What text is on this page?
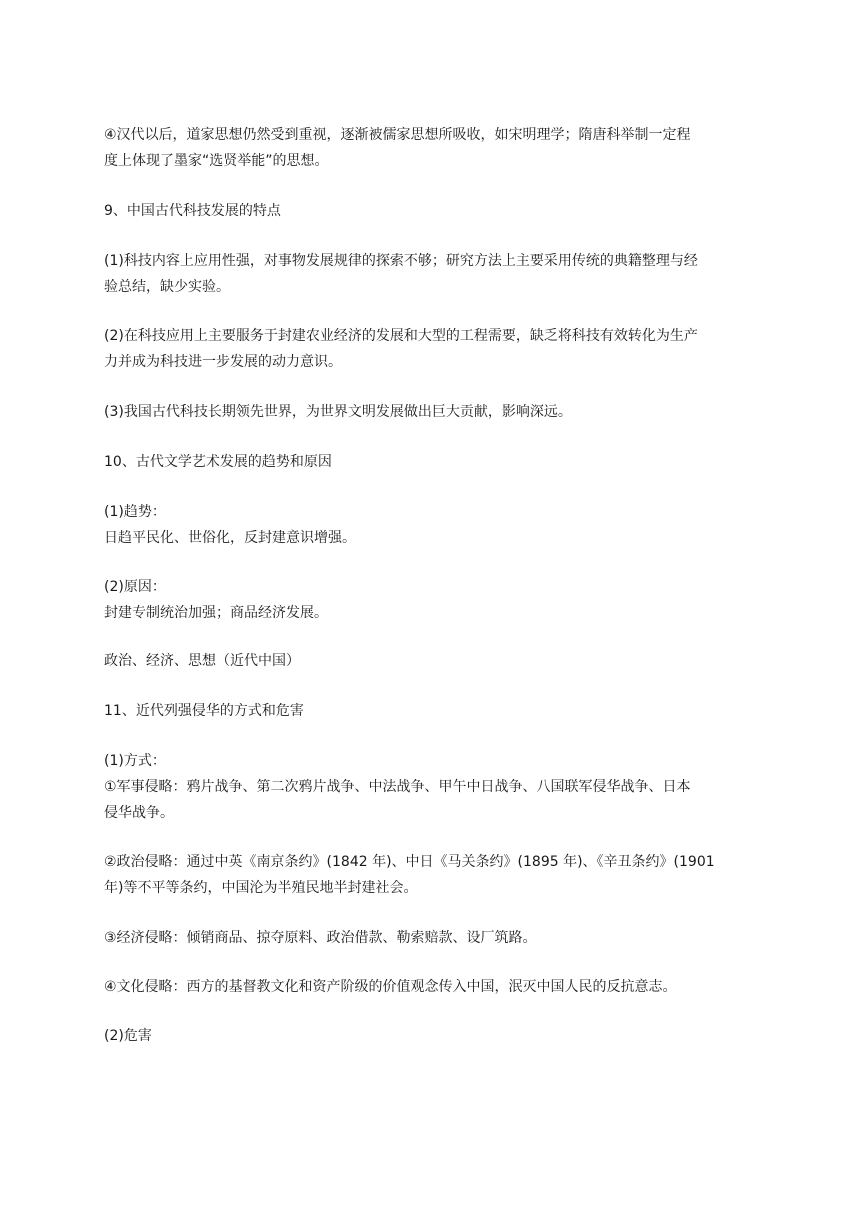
④汉代以后，道家思想仍然受到重视，逐渐被儒家思想所吸收，如宋明理学；隋唐科举制一定程
度上体现了墨家“选贤举能”的思想。
9、中国古代科技发展的特点
(1)科技内容上应用性强，对事物发展规律的探索不够；研究方法上主要采用传统的典籍整理与经
验总结，缺少实验。
(2)在科技应用上主要服务于封建农业经济的发展和大型的工程需要，缺乏将科技有效转化为生产
力并成为科技进一步发展的动力意识。
(3)我国古代科技长期领先世界，为世界文明发展做出巨大贡献，影响深远。
10、古代文学艺术发展的趋势和原因
(1)趋势：
日趋平民化、世俗化，反封建意识增强。
(2)原因：
封建专制统治加强；商品经济发展。
政治、经济、思想（近代中国）
11、近代列强侵华的方式和危害
(1)方式：
①军事侵略：鸦片战争、第二次鸦片战争、中法战争、甲午中日战争、八国联军侵华战争、日本
侵华战争。
②政治侵略：通过中英《南京条约》(1842 年)、中日《马关条约》(1895 年)、《辛丑条约》(1901
年)等不平等条约，中国沦为半殖民地半封建社会。
③经济侵略：倾销商品、掠夺原料、政治借款、勒索赔款、设厂筑路。
④文化侵略：西方的基督教文化和资产阶级的价值观念传入中国，泯灭中国人民的反抗意志。
(2)危害
